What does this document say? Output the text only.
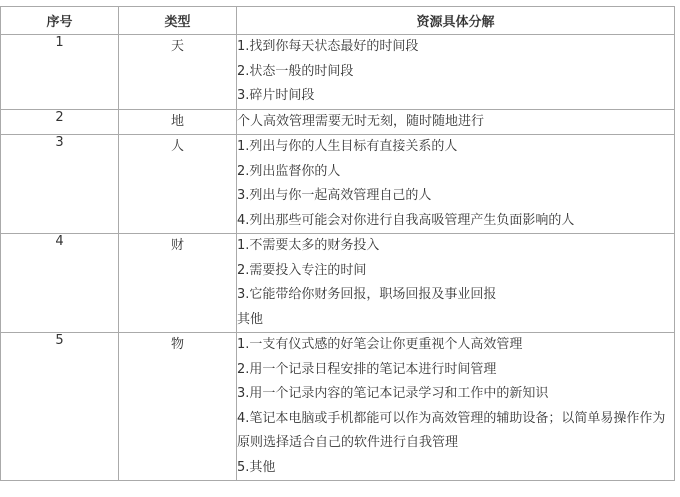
序号	类型	资源具体分解
1	天	1.找到你每天状态最好的时间段
2.状态一般的时间段
3.碎片时间段

2	地	个人高效管理需要无时无刻，随时随地进行

3	人	1.列出与你的人生目标有直接关系的人
2.列出监督你的人
3.列出与你一起高效管理自己的人
4.列出那些可能会对你进行自我高吸管理产生负面影响的人

4	财	1.不需要太多的财务投入
2.需要投入专注的时间
3.它能带给你财务回报，职场回报及事业回报
其他

5	物	1.一支有仪式感的好笔会让你更重视个人高效管理
2.用一个记录日程安排的笔记本进行时间管理
3.用一个记录内容的笔记本记录学习和工作中的新知识
4.笔记本电脑或手机都能可以作为高效管理的辅助设备；以简单易操作作为原则选择适合自己的软件进行自我管理
5.其他
